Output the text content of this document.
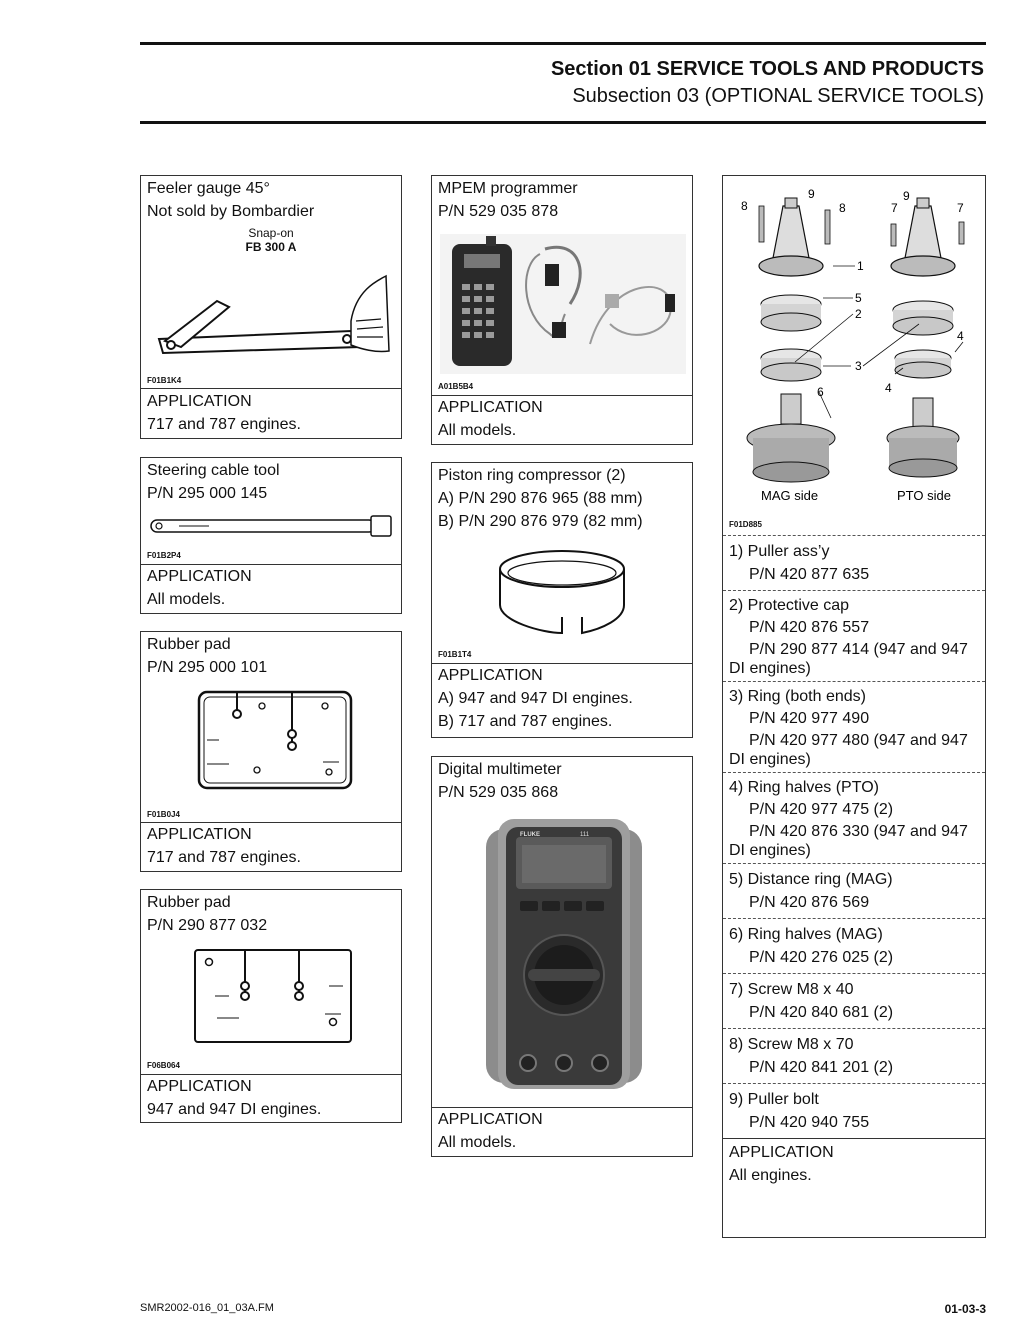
Section 01 SERVICE TOOLS AND PRODUCTS
Subsection 03 (OPTIONAL SERVICE TOOLS)
Feeler gauge 45°
Not sold by Bombardier
Snap-on
FB 300 A
F01B1K4
APPLICATION
717 and 787 engines.
Steering cable tool
P/N 295 000 145
F01B2P4
APPLICATION
All models.
Rubber pad
P/N 295 000 101
F01B0J4
APPLICATION
717 and 787 engines.
Rubber pad
P/N 290 877 032
F06B064
APPLICATION
947 and 947 DI engines.
MPEM programmer
P/N 529 035 878
A01B5B4
APPLICATION
All models.
Piston ring compressor (2)
A) P/N 290 876 965 (88 mm)
B) P/N 290 876 979 (82 mm)
F01B1T4
APPLICATION
A) 947 and 947 DI engines.
B) 717 and 787 engines.
Digital multimeter
P/N 529 035 868
FLUKE	111
APPLICATION
All models.
9
8	8
9
7	7
1
5
2
4
3
4
6
MAG side	PTO side
F01D885
1) Puller ass’y
P/N 420 877 635
2) Protective cap
P/N 420 876 557
P/N 290 877 414 (947 and 947
DI engines)
3) Ring (both ends)
P/N 420 977 490
P/N 420 977 480 (947 and 947
DI engines)
4) Ring halves (PTO)
P/N 420 977 475 (2)
P/N 420 876 330 (947 and 947
DI engines)
5) Distance ring (MAG)
P/N 420 876 569
6) Ring halves (MAG)
P/N 420 276 025 (2)
7) Screw M8 x 40
P/N 420 840 681 (2)
8) Screw M8 x 70
P/N 420 841 201 (2)
9) Puller bolt
P/N 420 940 755
APPLICATION
All engines.
SMR2002-016_01_03A.FM	01-03-3
